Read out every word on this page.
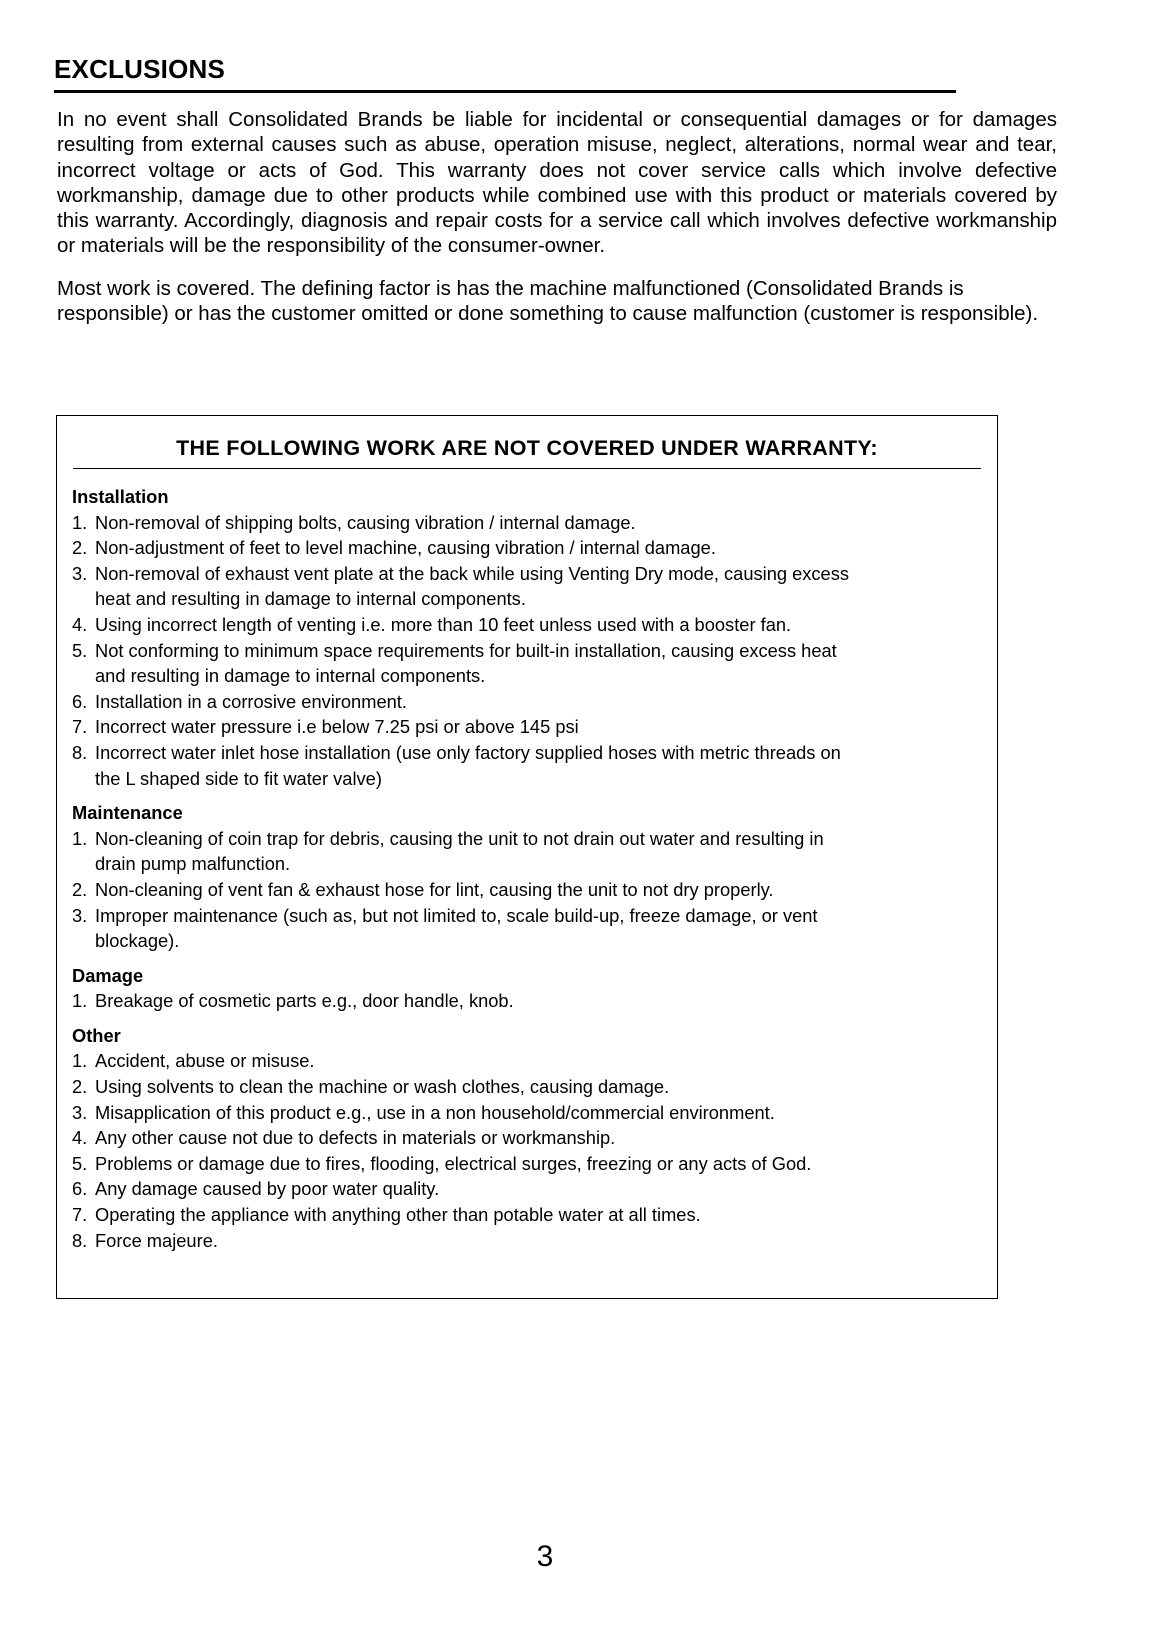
EXCLUSIONS

In no event shall Consolidated Brands be liable for incidental or consequential damages or for damages resulting from external causes such as abuse, operation misuse, neglect, alterations, normal wear and tear, incorrect voltage or acts of God. This warranty does not cover service calls which involve defective workmanship, damage due to other products while combined use with this product or materials covered by this warranty. Accordingly, diagnosis and repair costs for a service call which involves defective workmanship or materials will be the responsibility of the consumer-owner.

Most work is covered. The defining factor is has the machine malfunctioned (Consolidated Brands is responsible) or has the customer omitted or done something to cause malfunction (customer is responsible).

THE FOLLOWING WORK ARE NOT COVERED UNDER WARRANTY:
Installation
1. Non-removal of shipping bolts, causing vibration / internal damage.
2. Non-adjustment of feet to level machine, causing vibration / internal damage.
3. Non-removal of exhaust vent plate at the back while using Venting Dry mode, causing excess
heat and resulting in damage to internal components.
4. Using incorrect length of venting i.e. more than 10 feet unless used with a booster fan.
5. Not conforming to minimum space requirements for built-in installation, causing excess heat
and resulting in damage to internal components.
6. Installation in a corrosive environment.
7. Incorrect water pressure i.e below 7.25 psi or above 145 psi
8. Incorrect water inlet hose installation (use only factory supplied hoses with metric threads on
the L shaped side to fit water valve)
Maintenance
1. Non-cleaning of coin trap for debris, causing the unit to not drain out water and resulting in
drain pump malfunction.
2. Non-cleaning of vent fan & exhaust hose for lint, causing the unit to not dry properly.
3. Improper maintenance (such as, but not limited to, scale build-up, freeze damage, or vent
blockage).
Damage
1. Breakage of cosmetic parts e.g., door handle, knob.
Other
1. Accident, abuse or misuse.
2. Using solvents to clean the machine or wash clothes, causing damage.
3. Misapplication of this product e.g., use in a non household/commercial environment.
4. Any other cause not due to defects in materials or workmanship.
5. Problems or damage due to fires, flooding, electrical surges, freezing or any acts of God.
6. Any damage caused by poor water quality.
7. Operating the appliance with anything other than potable water at all times.
8. Force majeure.
3
